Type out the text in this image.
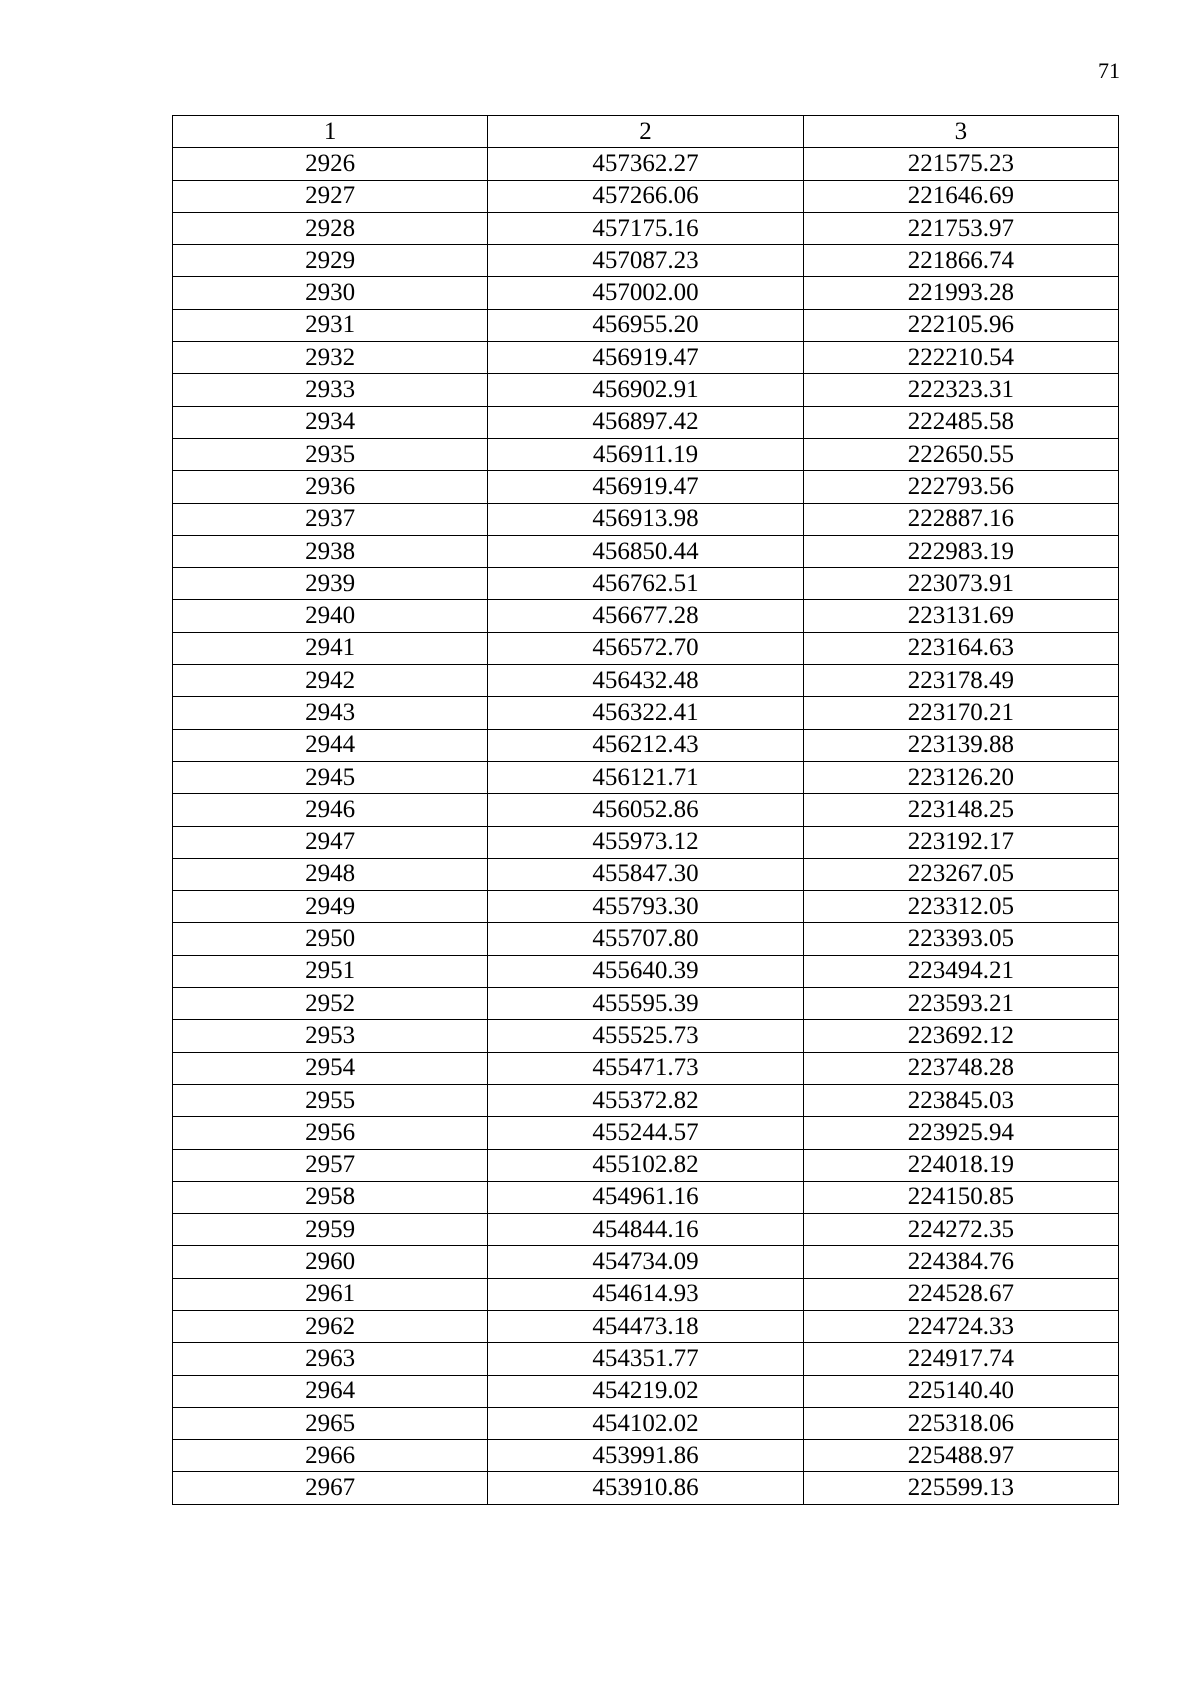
71
1	2	3
2926	457362.27	221575.23
2927	457266.06	221646.69
2928	457175.16	221753.97
2929	457087.23	221866.74
2930	457002.00	221993.28
2931	456955.20	222105.96
2932	456919.47	222210.54
2933	456902.91	222323.31
2934	456897.42	222485.58
2935	456911.19	222650.55
2936	456919.47	222793.56
2937	456913.98	222887.16
2938	456850.44	222983.19
2939	456762.51	223073.91
2940	456677.28	223131.69
2941	456572.70	223164.63
2942	456432.48	223178.49
2943	456322.41	223170.21
2944	456212.43	223139.88
2945	456121.71	223126.20
2946	456052.86	223148.25
2947	455973.12	223192.17
2948	455847.30	223267.05
2949	455793.30	223312.05
2950	455707.80	223393.05
2951	455640.39	223494.21
2952	455595.39	223593.21
2953	455525.73	223692.12
2954	455471.73	223748.28
2955	455372.82	223845.03
2956	455244.57	223925.94
2957	455102.82	224018.19
2958	454961.16	224150.85
2959	454844.16	224272.35
2960	454734.09	224384.76
2961	454614.93	224528.67
2962	454473.18	224724.33
2963	454351.77	224917.74
2964	454219.02	225140.40
2965	454102.02	225318.06
2966	453991.86	225488.97
2967	453910.86	225599.13
